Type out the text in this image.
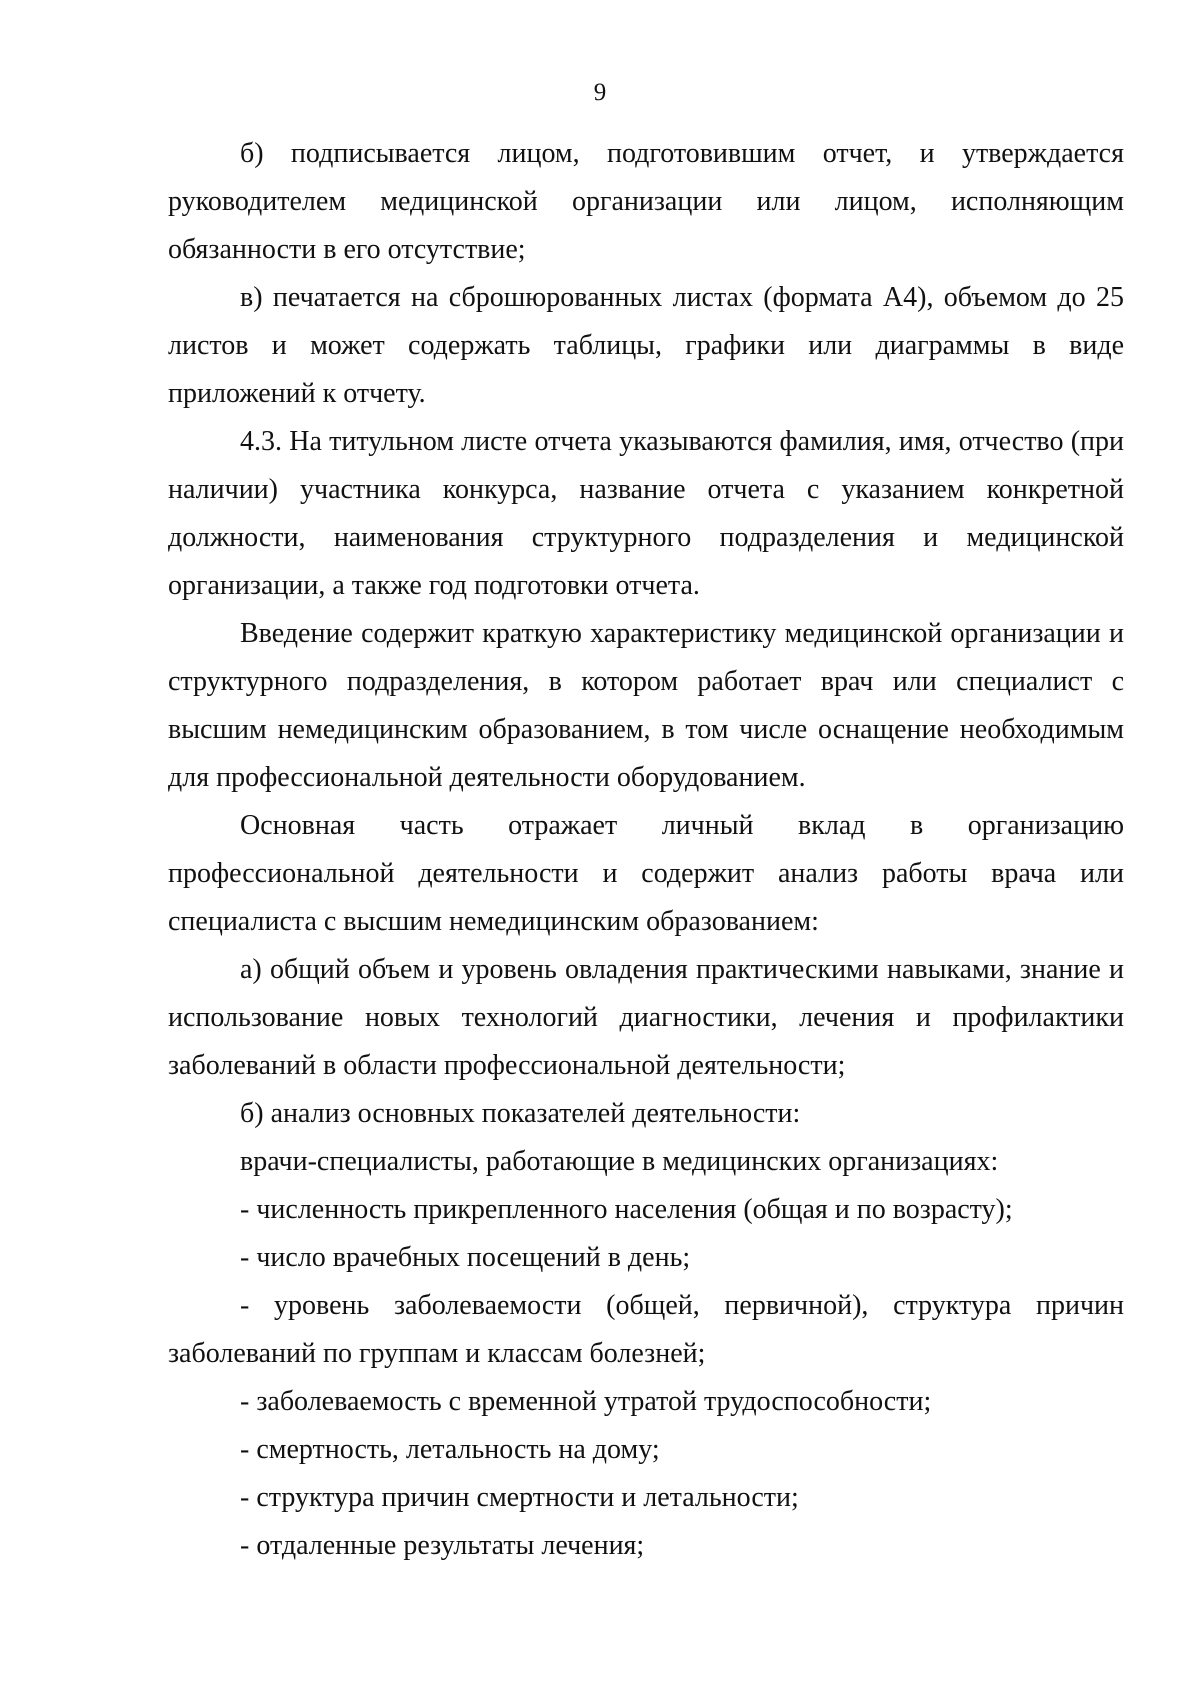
9

б) подписывается лицом, подготовившим отчет, и утверждается руководителем медицинской организации или лицом, исполняющим обязанности в его отсутствие;

в) печатается на сброшюрованных листах (формата А4), объемом до 25 листов и может содержать таблицы, графики или диаграммы в виде приложений к отчету.

4.3. На титульном листе отчета указываются фамилия, имя, отчество (при наличии) участника конкурса, название отчета с указанием конкретной должности, наименования структурного подразделения и медицинской организации, а также год подготовки отчета.

Введение содержит краткую характеристику медицинской организации и структурного подразделения, в котором работает врач или специалист с высшим немедицинским образованием, в том числе оснащение необходимым для профессиональной деятельности оборудованием.

Основная часть отражает личный вклад в организацию профессиональной деятельности и содержит анализ работы врача или специалиста с высшим немедицинским образованием:

а) общий объем и уровень овладения практическими навыками, знание и использование новых технологий диагностики, лечения и профилактики заболеваний в области профессиональной деятельности;

б) анализ основных показателей деятельности:

врачи-специалисты, работающие в медицинских организациях:

- численность прикрепленного населения (общая и по возрасту);

- число врачебных посещений в день;

- уровень заболеваемости (общей, первичной), структура причин заболеваний по группам и классам болезней;

- заболеваемость с временной утратой трудоспособности;

- смертность, летальность на дому;

- структура причин смертности и летальности;

- отдаленные результаты лечения;
